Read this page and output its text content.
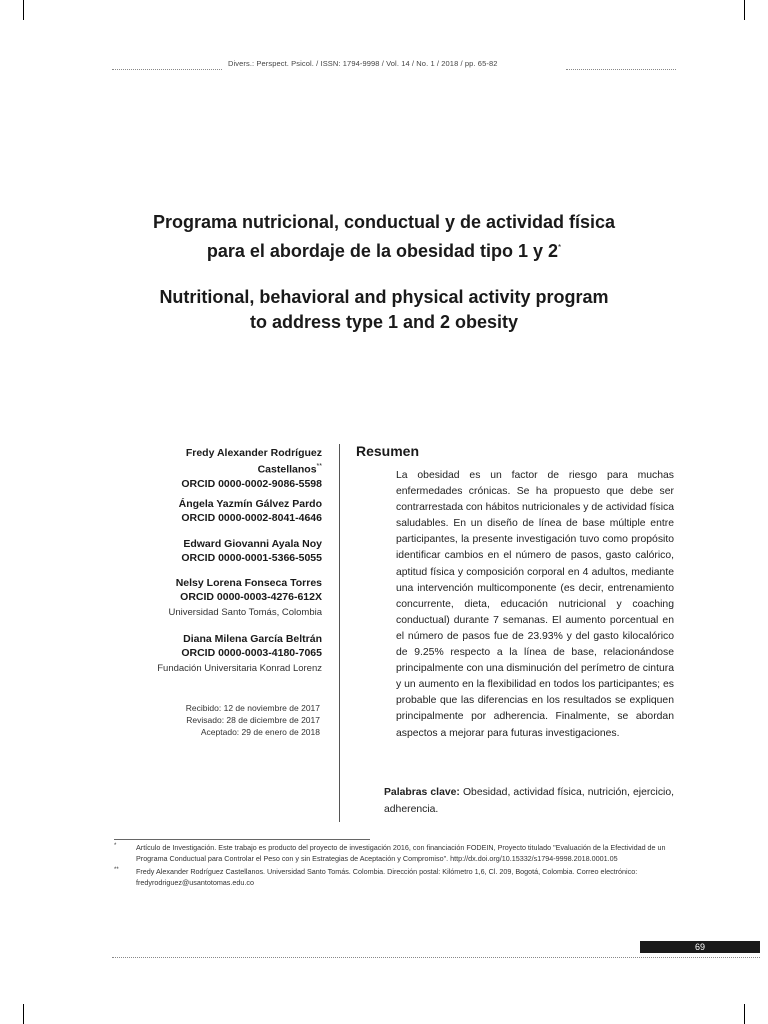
Divers.: Perspect. Psicol. / ISSN: 1794-9998 / Vol. 14 / No. 1 / 2018 / pp. 65-82
Programa nutricional, conductual y de actividad física
para el abordaje de la obesidad tipo 1 y 2*
Nutritional, behavioral and physical activity program
to address type 1 and 2 obesity
Fredy Alexander Rodríguez
Castellanos**
ORCID 0000-0002-9086-5598
Ángela Yazmín Gálvez Pardo
ORCID 0000-0002-8041-4646
Edward Giovanni Ayala Noy
ORCID 0000-0001-5366-5055
Nelsy Lorena Fonseca Torres
ORCID 0000-0003-4276-612X
Universidad Santo Tomás, Colombia
Diana Milena García Beltrán
ORCID 0000-0003-4180-7065
Fundación Universitaria Konrad Lorenz
Recibido: 12 de noviembre de 2017
Revisado: 28 de diciembre de 2017
Aceptado: 29 de enero de 2018
Resumen
La obesidad es un factor de riesgo para muchas enfermedades crónicas. Se ha propuesto que debe ser contrarrestada con hábitos nutricionales y de actividad física saludables. En un diseño de línea de base múltiple entre participantes, la presente investigación tuvo como propósito identificar cambios en el número de pasos, gasto calórico, aptitud física y composición corporal en 4 adultos, mediante una intervención multicomponente (es decir, entrenamiento concurrente, dieta, educación nutricional y coaching conductual) durante 7 semanas. El aumento porcentual en el número de pasos fue de 23.93% y del gasto kilocalórico de 9.25% respecto a la línea de base, relacionándose principalmente con una disminución del perímetro de cintura y un aumento en la flexibilidad en todos los participantes; es probable que las diferencias en los resultados se expliquen principalmente por adherencia. Finalmente, se abordan aspectos a mejorar para futuras investigaciones.
Palabras clave: Obesidad, actividad física, nutrición, ejercicio, adherencia.
*	Artículo de Investigación. Este trabajo es producto del proyecto de investigación 2016, con financiación FODEIN, Proyecto titulado "Evaluación de la Efectividad de un Programa Conductual para Controlar el Peso con y sin Estrategias de Aceptación y Compromiso". http://dx.doi.org/10.15332/s1794-9998.2018.0001.05
** Fredy Alexander Rodríguez Castellanos. Universidad Santo Tomás. Colombia. Dirección postal: Kilómetro 1,6, Cl. 209, Bogotá, Colombia. Correo electrónico: fredyrodriguez@usantotomas.edu.co
69
